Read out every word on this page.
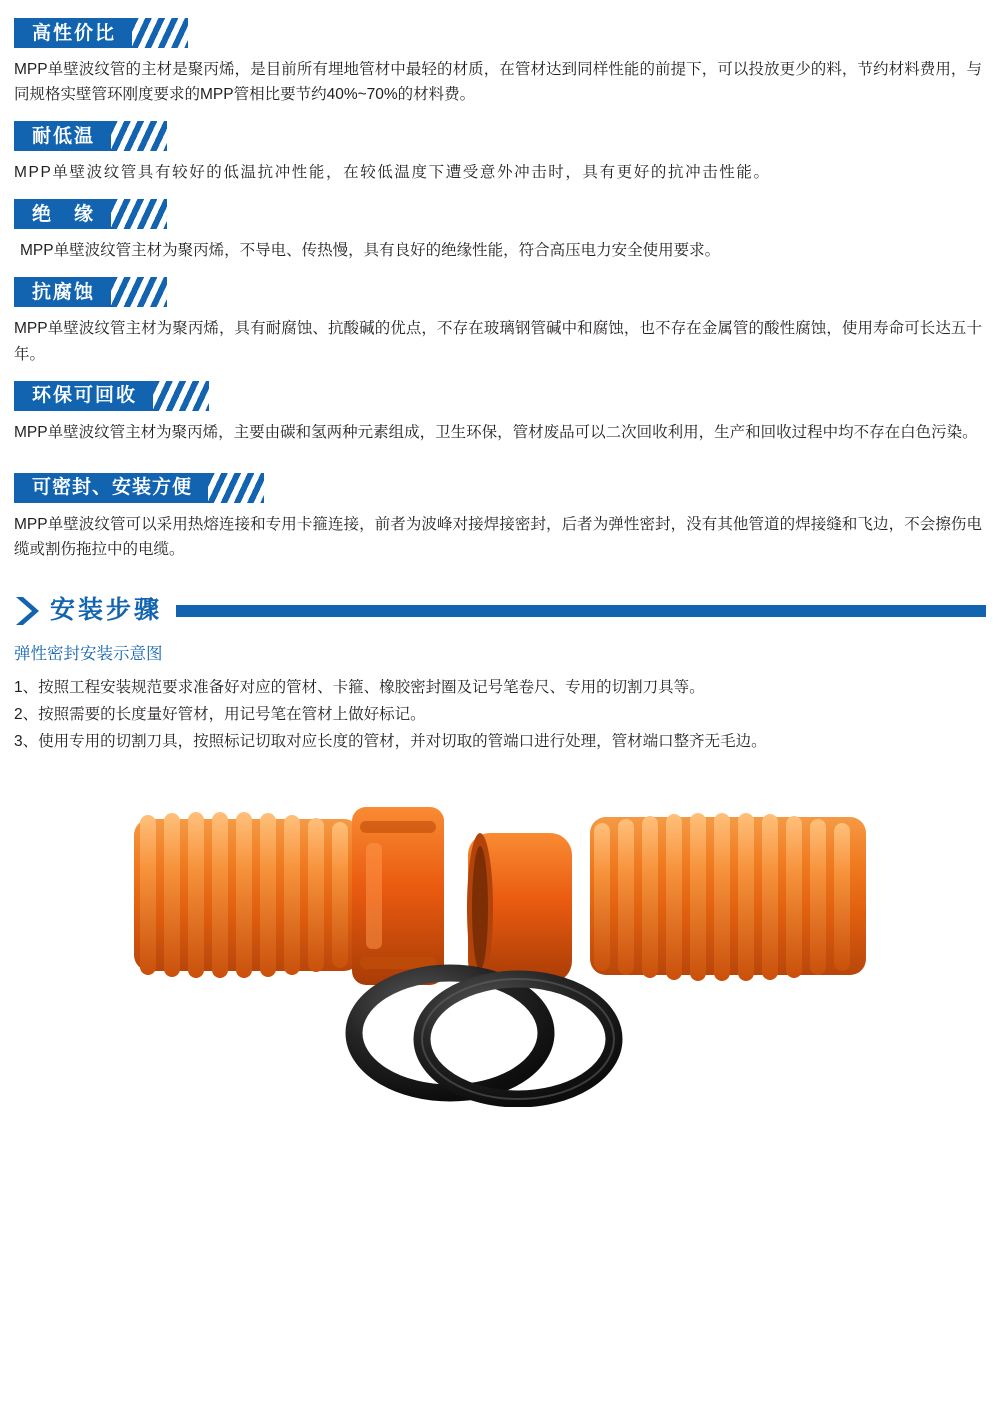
高性价比

MPP单壁波纹管的主材是聚丙烯，是目前所有埋地管材中最轻的材质，在管材达到同样性能的前提下，可以投放更少的料，节约材料费用，与同规格实壁管环刚度要求的MPP管相比要节约40%~70%的材料费。

耐低温

MPP单壁波纹管具有较好的低温抗冲性能，在较低温度下遭受意外冲击时，具有更好的抗冲击性能。

绝　缘

MPP单壁波纹管主材为聚丙烯，不导电、传热慢，具有良好的绝缘性能，符合高压电力安全使用要求。

抗腐蚀

MPP单壁波纹管主材为聚丙烯，具有耐腐蚀、抗酸碱的优点，不存在玻璃钢管碱中和腐蚀，也不存在金属管的酸性腐蚀，使用寿命可长达五十年。

环保可回收

MPP单壁波纹管主材为聚丙烯，主要由碳和氢两种元素组成，卫生环保，管材废品可以二次回收利用，生产和回收过程中均不存在白色污染。

可密封、安装方便

MPP单壁波纹管可以采用热熔连接和专用卡箍连接，前者为波峰对接焊接密封，后者为弹性密封，没有其他管道的焊接缝和飞边，不会擦伤电缆或割伤拖拉中的电缆。

安装步骤
弹性密封安装示意图
1、按照工程安装规范要求准备好对应的管材、卡箍、橡胶密封圈及记号笔卷尺、专用的切割刀具等。
2、按照需要的长度量好管材，用记号笔在管材上做好标记。
3、使用专用的切割刀具，按照标记切取对应长度的管材，并对切取的管端口进行处理，管材端口整齐无毛边。
